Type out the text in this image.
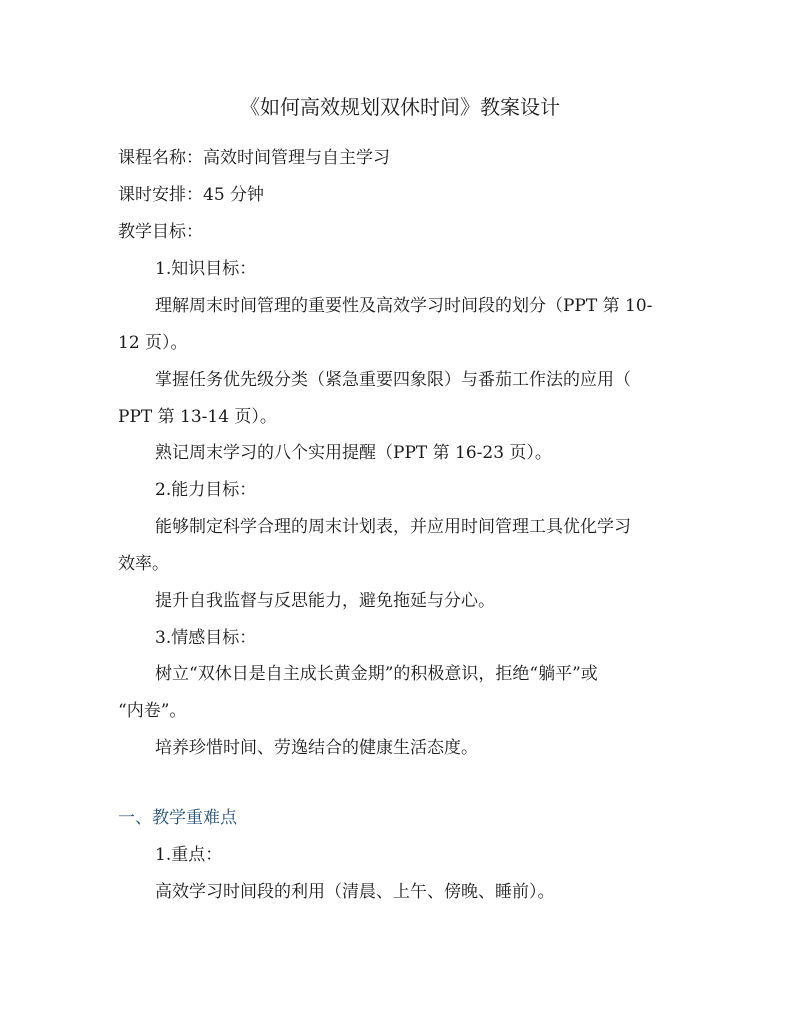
《如何高效规划双休时间》教案设计
课程名称：高效时间管理与自主学习
课时安排：45 分钟
教学目标：
1.知识目标：
理解周末时间管理的重要性及高效学习时间段的划分（PPT 第 10-
12 页）。
掌握任务优先级分类（紧急重要四象限）与番茄工作法的应用（
PPT 第 13-14 页）。
熟记周末学习的八个实用提醒（PPT 第 16-23 页）。
2.能力目标：
能够制定科学合理的周末计划表，并应用时间管理工具优化学习
效率。
提升自我监督与反思能力，避免拖延与分心。
3.情感目标：
树立“双休日是自主成长黄金期”的积极意识，拒绝“躺平”或
“内卷”。
培养珍惜时间、劳逸结合的健康生活态度。
一、教学重难点
1.重点：
高效学习时间段的利用（清晨、上午、傍晚、睡前）。
